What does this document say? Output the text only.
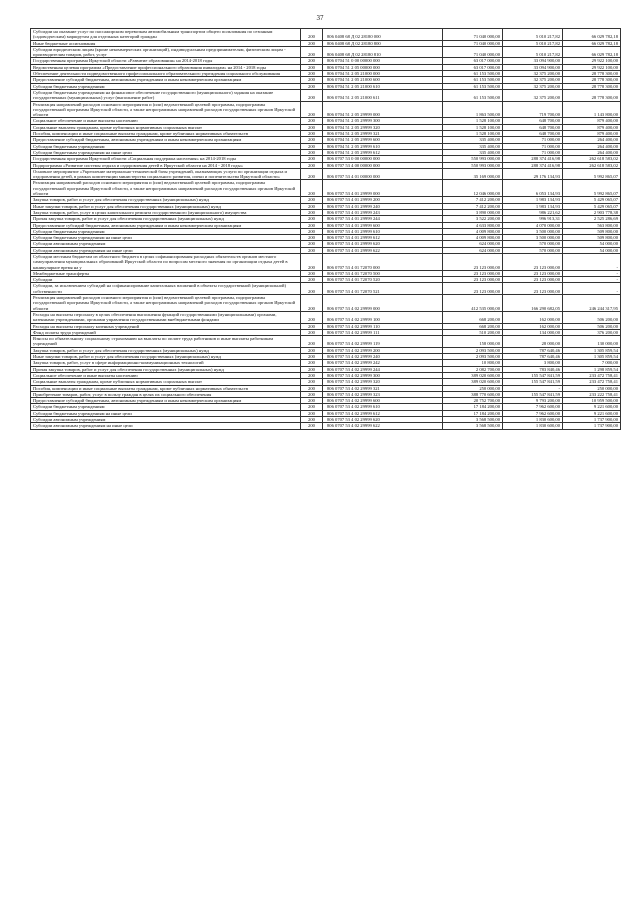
37
Субсидии на оказание услуг по пассажирским перевозкам автомобильным транспортом общего пользования по сезонным (садоводческим) маршрутам для отдельных категорий граждан	200	806 0408 68 Д 02 28180 000	71 040 000,00	5 010 217,82	66 029 782,18
Иные бюджетные ассигнования	200	806 0408 68 Д 02 28180 800	71 040 000,00	5 010 217,82	66 029 782,18
Субсидии юридическим лицам (кроме некоммерческих организаций), индивидуальным предпринимателям, физическим лицам - производителям товаров, работ, услуг	200	806 0408 68 Д 02 28180 810	71 040 000,00	5 010 217,82	66 029 782,18
Государственная программа Иркутской области «Развитие образования» на 2014-2018 годы	200	806 0704 51 0 00 00000 000	63 017 000,00	33 094 900,00	29 922 100,00
Ведомственная целевая программа «Предоставление профессионального образования инвалидам» на 2014 - 2018 годы	200	806 0704 51 2 05 00000 000	63 017 000,00	33 094 900,00	29 922 100,00
Обеспечение деятельности подведомственного профессионального образовательного учреждения социального обслуживания	200	806 0704 51 2 05 21000 000	61 153 500,00	32 375 200,00	28 778 300,00
Предоставление субсидий бюджетным, автономным учреждениям и иным некоммерческим организациям	200	806 0704 51 2 05 21000 600	61 153 500,00	32 375 200,00	28 778 300,00
Субсидии бюджетным учреждениям	200	806 0704 51 2 05 21000 610	61 153 500,00	32 375 200,00	28 778 300,00
Субсидии бюджетным учреждениям на финансовое обеспечение государственного (муниципального) задания на оказание государственных (муниципальных) услуг (выполнение работ)	200	806 0704 51 2 05 21000 611	61 153 500,00	32 375 200,00	28 778 300,00
Реализация направлений расходов основного мероприятия и (или) ведомственной целевой программы, подпрограммы государственной программы Иркутской области, а также непрограммных направлений расходов государственных органов Иркутской области	200	806 0704 51 2 05 29999 000	1 863 500,00	719 700,00	1 143 800,00
Социальное обеспечение и иные выплаты населению	200	806 0704 51 2 05 29999 300	1 528 100,00	648 700,00	879 400,00
Социальные выплаты гражданам, кроме публичных нормативных социальных выплат	200	806 0704 51 2 05 29999 320	1 528 100,00	648 700,00	879 400,00
Пособия, компенсации и иные социальные выплаты гражданам, кроме публичных нормативных обязательств	200	806 0704 51 2 05 29999 321	1 528 100,00	648 700,00	879 400,00
Предоставление субсидий бюджетным, автономным учреждениям и иным некоммерческим организациям	200	806 0704 51 2 05 29999 600	335 400,00	71 000,00	264 400,00
Субсидии бюджетным учреждениям	200	806 0704 51 2 05 29999 610	335 400,00	71 000,00	264 400,00
Субсидии бюджетным учреждениям на иные цели	200	806 0704 51 2 05 29999 612	335 400,00	71 000,00	264 400,00
Государственная программа Иркутской области «Социальная поддержка населения» на 2014-2018 годы	200	806 0707 53 0 00 00000 000	550 993 000,00	288 374 416,98	262 618 583,02
Подпрограмма «Развитие системы отдыха и оздоровления детей в Иркутской области на 2014 - 2018 годы»	200	806 0707 53 4 00 00000 000	550 993 000,00	288 374 416,98	262 618 583,02
Основное мероприятие «Укрепление материально-технической базы учреждений, оказывающих услуги по организации отдыха и оздоровления детей, в рамках компетенции министерства социального развития, опеки и попечительства Иркутской области»	200	806 0707 53 4 01 00000 000	35 169 000,00	29 176 134,93	5 992 865,07
Реализация направлений расходов основного мероприятия и (или) ведомственной целевой программы, подпрограммы государственной программы Иркутской области, а также непрограммных направлений расходов государственных органов Иркутской области	200	806 0707 53 4 01 29999 000	12 046 000,00	6 053 134,93	5 992 865,07
Закупка товаров, работ и услуг для обеспечения государственных (муниципальных) нужд	200	806 0707 53 4 01 29999 200	7 412 200,00	1 983 134,93	5 429 065,07
Иные закупки товаров, работ и услуг для обеспечения государственных (муниципальных) нужд	200	806 0707 53 4 01 29999 240	7 412 200,00	1 983 134,93	5 429 065,07
Закупка товаров, работ, услуг в целях капитального ремонта государственного (муниципального) имущества	200	806 0707 53 4 01 29999 243	3 890 000,00	986 221,62	2 903 778,38
Прочая закупка товаров, работ и услуг для обеспечения государственных (муниципальных) нужд	200	806 0707 53 4 01 29999 244	3 522 200,00	996 913,31	2 525 286,69
Предоставление субсидий бюджетным, автономным учреждениям и иным некоммерческим организациям	200	806 0707 53 4 01 29999 600	4 633 800,00	4 070 000,00	563 800,00
Субсидии бюджетным учреждениям	200	806 0707 53 4 01 29999 610	4 009 800,00	3 500 000,00	509 800,00
Субсидии бюджетным учреждениям на иные цели	200	806 0707 53 4 01 29999 612	4 009 800,00	3 500 000,00	509 800,00
Субсидии автономным учреждениям	200	806 0707 53 4 01 29999 620	624 000,00	570 000,00	54 000,00
Субсидии автономным учреждениям на иные цели	200	806 0707 53 4 01 29999 622	624 000,00	570 000,00	54 000,00
Субсидии местным бюджетам из областного бюджета в целях софинансирования расходных обязательств органов местного самоуправления муниципальных образований Иркутской области по вопросам местного значения по организации отдыха детей в каникулярное время на у	200	806 0707 53 4 01 72070 000	23 123 000,00	23 123 000,00	-
Межбюджетные трансферты	200	806 0707 53 4 01 72070 500	23 123 000,00	23 123 000,00	-
Субсидии	200	806 0707 53 4 01 72070 520	23 123 000,00	23 123 000,00	-
Субсидии, за исключением субсидий на софинансирование капитальных вложений в объекты государственной (муниципальной) собственности	200	806 0707 53 4 01 72070 521	23 123 000,00	23 123 000,00	-
Реализация направлений расходов основного мероприятия и (или) ведомственной целевой программы, подпрограммы государственной программы Иркутской области, а также непрограммных направлений расходов государственных органов Иркутской области	200	806 0707 53 4 02 29999 000	412 535 000,00	166 290 682,05	246 244 317,95
Расходы на выплаты персоналу в целях обеспечения выполнения функций государственными (муниципальными) органами, казенными учреждениями, органами управления государственными внебюджетными фондами	200	806 0707 53 4 02 29999 100	668 200,00	162 000,00	506 200,00
Расходы на выплаты персоналу казенных учреждений	200	806 0707 53 4 02 29999 110	668 200,00	162 000,00	506 200,00
Фонд оплаты труда учреждений	200	806 0707 53 4 02 29999 111	510 200,00	134 000,00	376 200,00
Взносы по обязательному социальному страхованию на выплаты по оплате труда работников и иные выплаты работникам учреждений	200	806 0707 53 4 02 29999 119	158 000,00	28 000,00	130 000,00
Закупка товаров, работ и услуг для обеспечения государственных (муниципальных) нужд	200	806 0707 53 4 02 29999 200	2 093 500,00	787 640,46	1 305 859,54
Иные закупки товаров, работ и услуг для обеспечения государственных (муниципальных) нужд	200	806 0707 53 4 02 29999 240	2 093 500,00	787 640,46	1 305 859,54
Закупка товаров, работ, услуг в сфере информационно-коммуникационных технологий	200	806 0707 53 4 02 29999 242	10 800,00	3 800,00	7 000,00
Прочая закупка товаров, работ и услуг для обеспечения государственных (муниципальных) нужд	200	806 0707 53 4 02 29999 244	2 082 700,00	783 840,46	1 298 859,54
Социальное обеспечение и иные выплаты населению	200	806 0707 53 4 02 29999 300	389 020 600,00	155 547 841,59	233 472 758,41
Социальные выплаты гражданам, кроме публичных нормативных социальных выплат	200	806 0707 53 4 02 29999 320	389 020 600,00	155 547 841,59	233 472 758,41
Пособия, компенсации и иные социальные выплаты гражданам, кроме публичных нормативных обязательств	200	806 0707 53 4 02 29999 321	250 000,00	-	250 000,00
Приобретение товаров, работ, услуг в пользу граждан в целях их социального обеспечения	200	806 0707 53 4 02 29999 323	388 770 600,00	155 547 841,59	233 222 758,41
Предоставление субсидий бюджетным, автономным учреждениям и иным некоммерческим организациям	200	806 0707 53 4 02 29999 600	20 752 700,00	9 793 200,00	10 959 500,00
Субсидии бюджетным учреждениям	200	806 0707 53 4 02 29999 610	17 184 200,00	7 962 600,00	9 221 600,00
Субсидии бюджетным учреждениям на иные цели	200	806 0707 53 4 02 29999 612	17 184 200,00	7 962 600,00	9 221 600,00
Субсидии автономным учреждениям	200	806 0707 53 4 02 29999 620	3 568 500,00	1 830 600,00	1 737 900,00
Субсидии автономным учреждениям на иные цели	200	806 0707 53 4 02 29999 622	3 568 500,00	1 830 600,00	1 737 900,00
